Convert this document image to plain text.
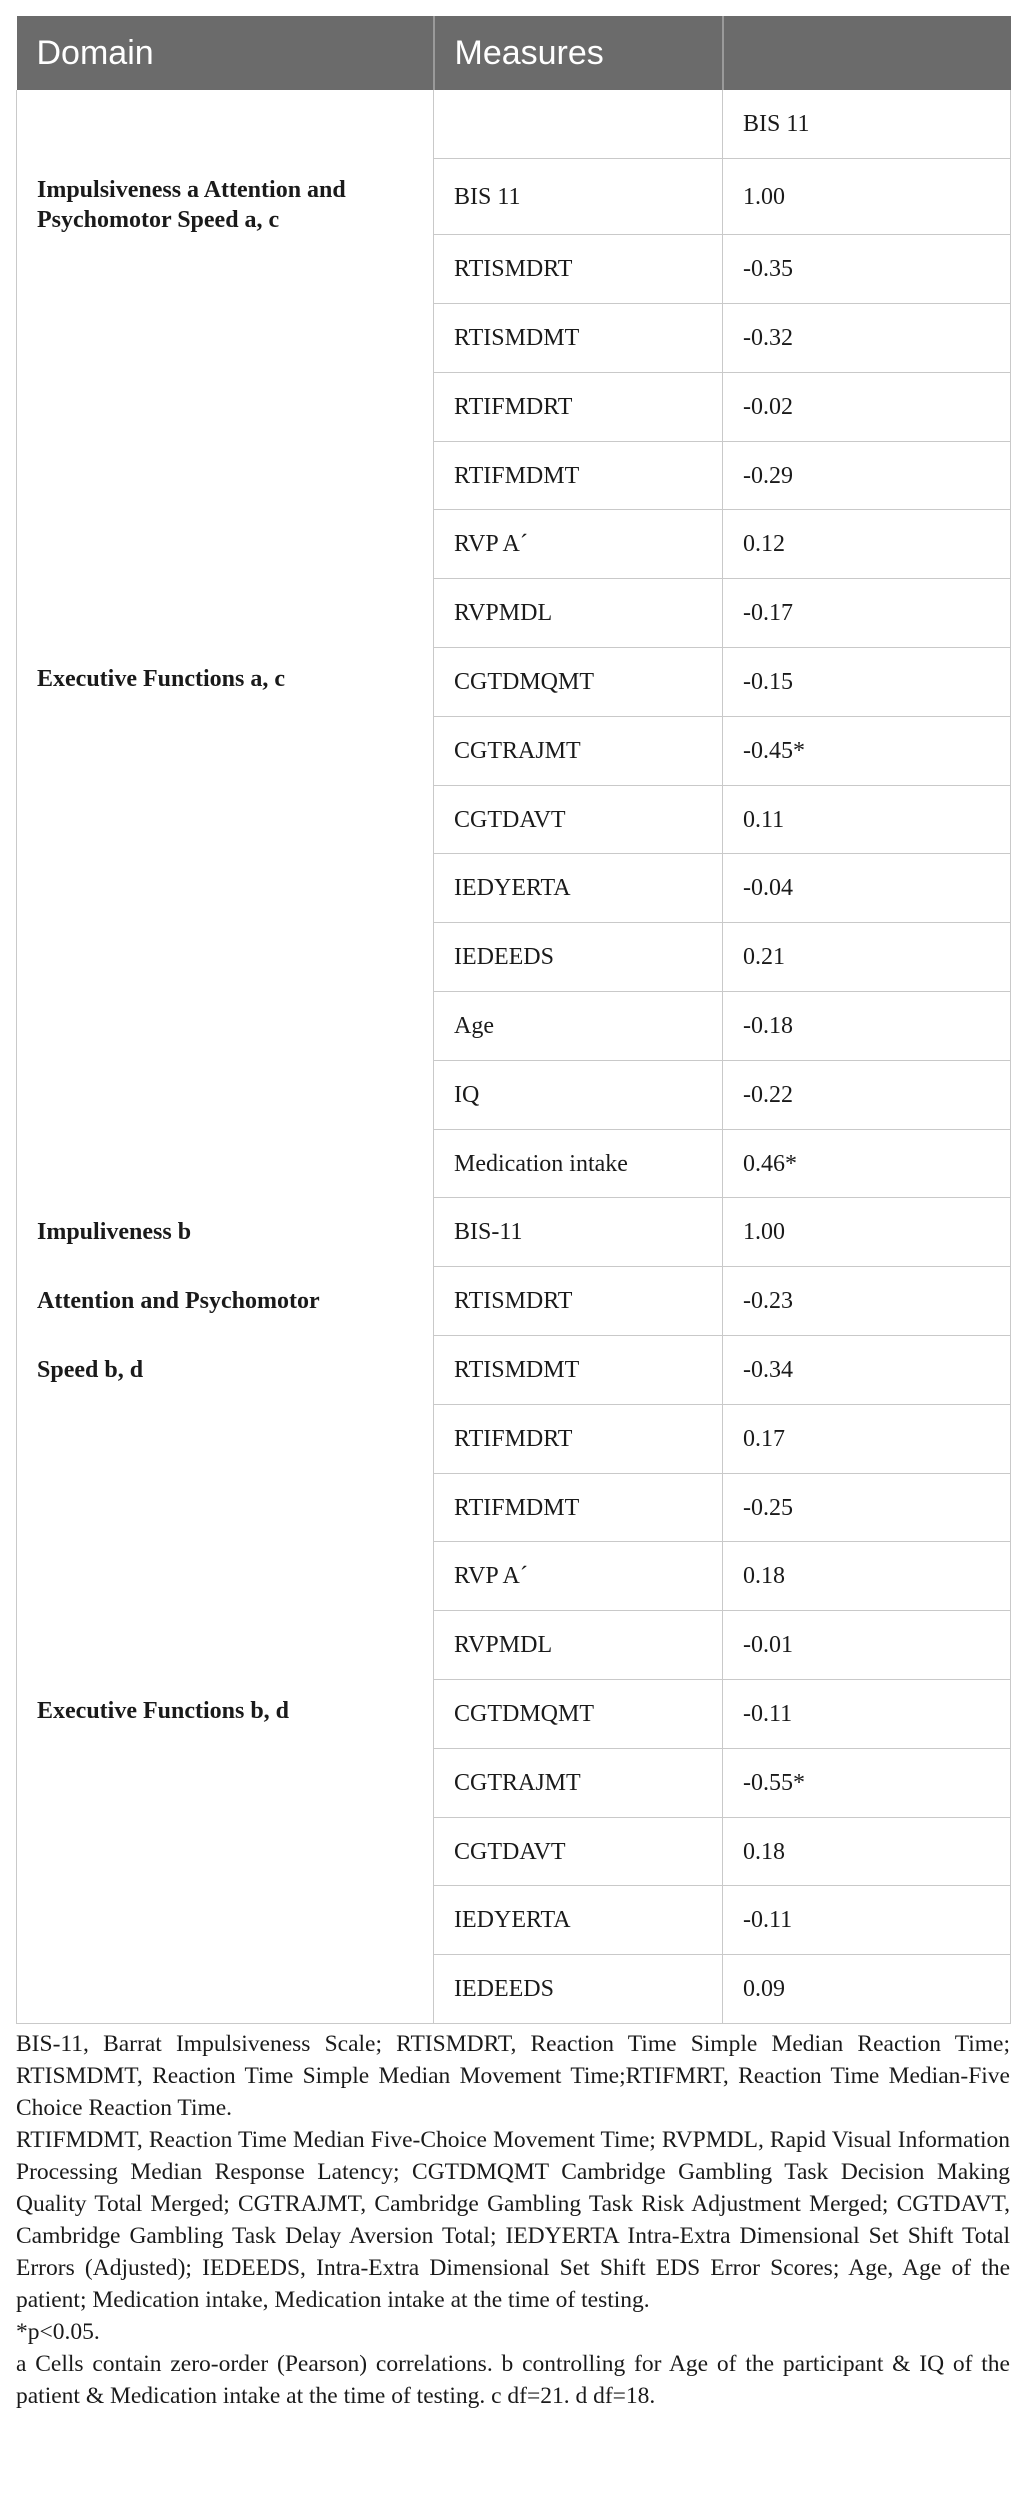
Domain	Measures	
		BIS 11
Impulsiveness a Attention and Psychomotor Speed a, c	BIS 11	1.00
	RTISMDRT	-0.35
	RTISMDMT	-0.32
	RTIFMDRT	-0.02
	RTIFMDMT	-0.29
	RVP A´	0.12
	RVPMDL	-0.17
Executive Functions a, c	CGTDMQMT	-0.15
	CGTRAJMT	-0.45*
	CGTDAVT	0.11
	IEDYERTA	-0.04
	IEDEEDS	0.21
	Age	-0.18
	IQ	-0.22
	Medication intake	0.46*
Impuliveness b	BIS-11	1.00
Attention and Psychomotor	RTISMDRT	-0.23
Speed b, d	RTISMDMT	-0.34
	RTIFMDRT	0.17
	RTIFMDMT	-0.25
	RVP A´	0.18
	RVPMDL	-0.01
Executive Functions b, d	CGTDMQMT	-0.11
	CGTRAJMT	-0.55*
	CGTDAVT	0.18
	IEDYERTA	-0.11
	IEDEEDS	0.09

BIS-11, Barrat Impulsiveness Scale; RTISMDRT, Reaction Time Simple Median Reaction Time; RTISMDMT, Reaction Time Simple Median Movement Time;RTIFMRT, Reaction Time Median-Five Choice Reaction Time.

RTIFMDMT, Reaction Time Median Five-Choice Movement Time; RVPMDL, Rapid Visual Information Processing Median Response Latency; CGTDMQMT Cambridge Gambling Task Decision Making Quality Total Merged; CGTRAJMT, Cambridge Gambling Task Risk Adjustment Merged; CGTDAVT, Cambridge Gambling Task Delay Aversion Total; IEDYERTA Intra-Extra Dimensional Set Shift Total Errors (Adjusted); IEDEEDS, Intra-Extra Dimensional Set Shift EDS Error Scores; Age, Age of the patient; Medication intake, Medication intake at the time of testing.

*p<0.05.

a Cells contain zero-order (Pearson) correlations. b controlling for Age of the participant & IQ of the patient & Medication intake at the time of testing. c df=21. d df=18.
